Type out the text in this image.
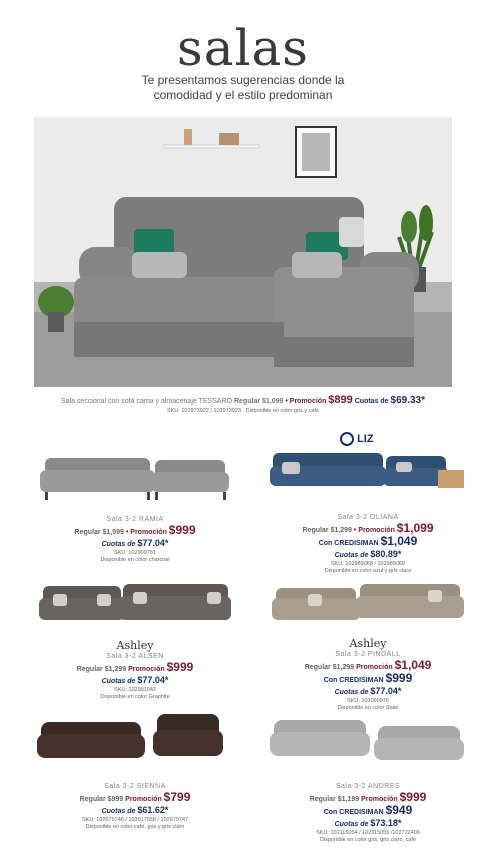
salas
Te presentamos sugerencias donde la
comodidad y el estilo predominan
Sala seccional con sofá cama y almacenaje TESSARO Regular $1,099 • Promoción $899 Cuotas de $69.33*
SKU: 101973922 / 101973923 Disponible en color gris y café
LIZ
Sala 3-2 RAMIA
Regular $1,599 • Promoción $999
Cuotas de $77.04*
SKU: 102909761
Disponible en color charcoal
Sala 3-2 OLIANA
Regular $1,299 • Promoción $1,099
Con CREDISIMAN $1,049
Cuotas de $80.89*
SKU: 102989068 / 102989069
Disponible en color azul y gris claro
Ashley
Sala 3-2 ALSEN
Regular $1,299 Promoción $999
Cuotas de $77.04*
SKU: 102991042
Disponible en color Graphite
Ashley
Sala 3-2 PINDALL
Regular $1,299 Promoción $1,049
Con CREDISIMAN $999
Cuotas de $77.04*
SKU: 103090976
Disponible en color Slate
Sala 3-2 SIENNA
Regular $999 Promoción $799
Cuotas de $61.62*
SKU: 102679748 / 103017958 / 102679747
Disponible en color café, gris y gris claro
Sala 3-2 ANDRES
Regular $1,199 Promoción $999
Con CREDISIMAN $949
Cuotas de $73.18*
SKU: 102115054 / 102115055 /102722406
Disponible en color gris, gris claro, café
